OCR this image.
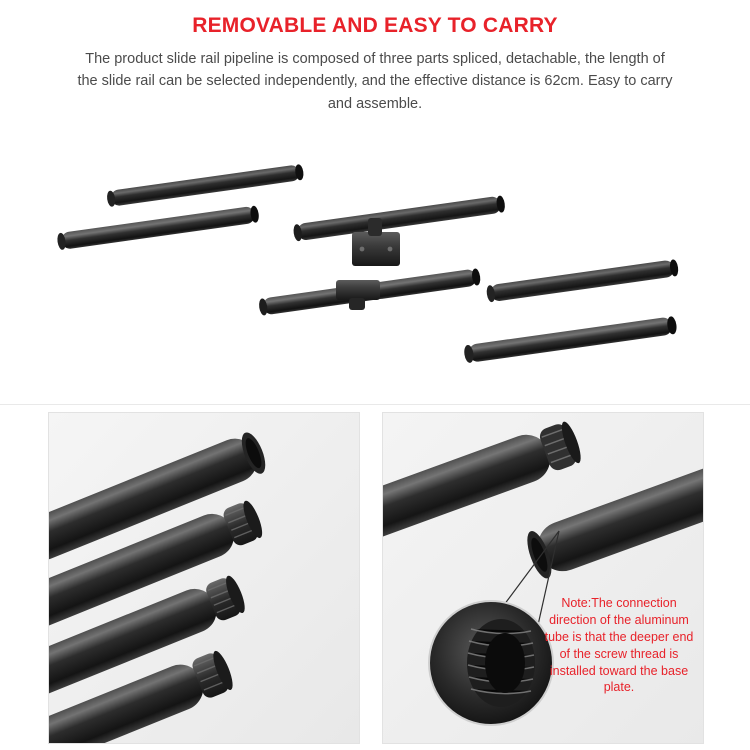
REMOVABLE AND EASY TO CARRY

The product slide rail pipeline is composed of three parts spliced, detachable, the length of the slide rail can be selected independently, and the effective distance is 62cm. Easy to carry and assemble.

Note:The connection direction of the aluminum tube is that the deeper end of the screw thread is installed toward the base plate.
